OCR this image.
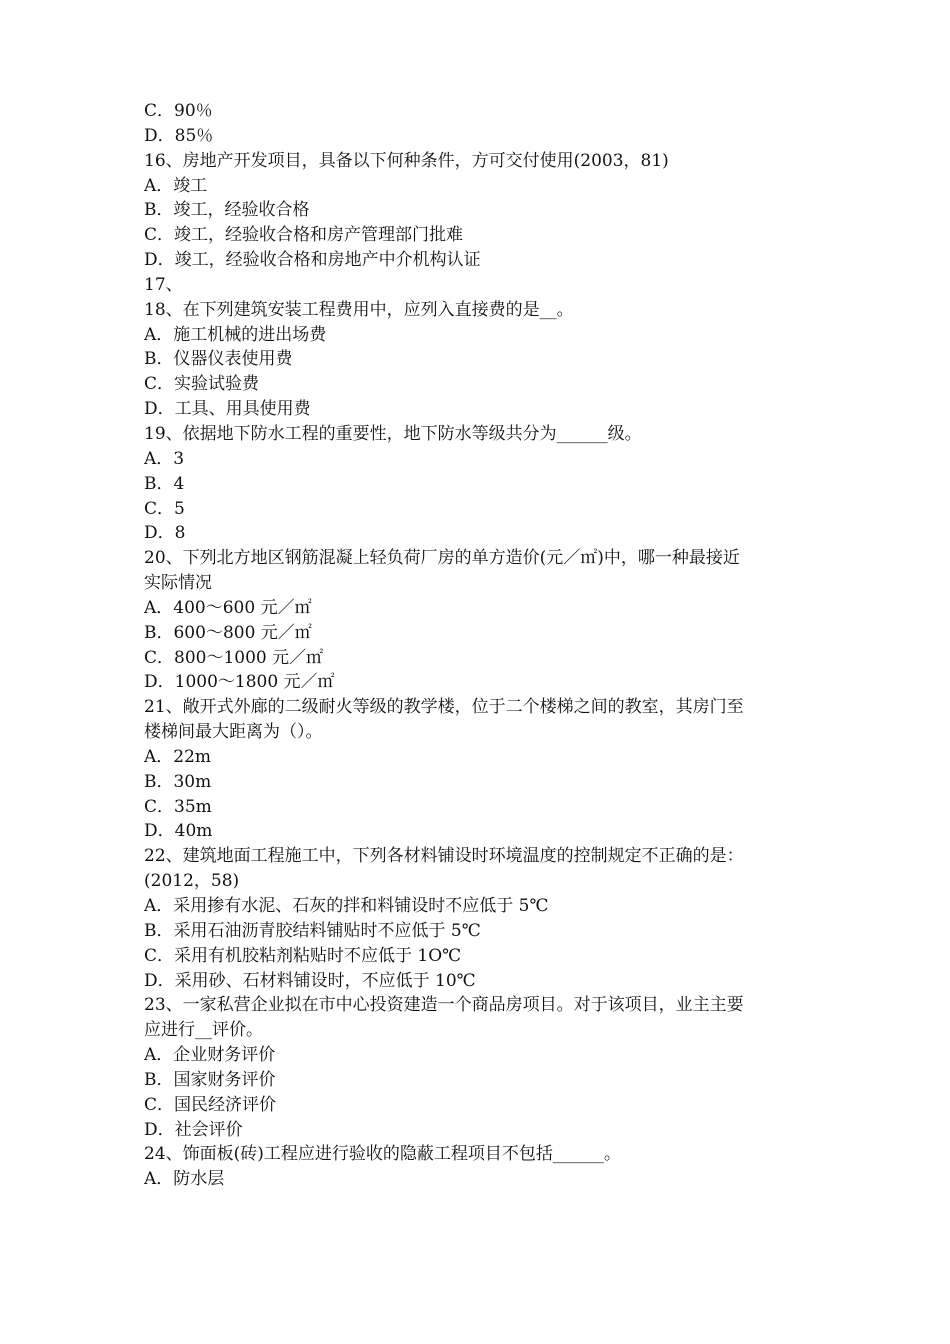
C．90％

D．85％

16、房地产开发项目，具备以下何种条件，方可交付使用(2003，81)

A．竣工

B．竣工，经验收合格

C．竣工，经验收合格和房产管理部门批难

D．竣工，经验收合格和房地产中介机构认证

17、

18、在下列建筑安装工程费用中，应列入直接费的是__。

A．施工机械的进出场费

B．仪器仪表使用费

C．实验试验费

D．工具、用具使用费

19、依据地下防水工程的重要性，地下防水等级共分为______级。

A．3

B．4

C．5

D．8

20、下列北方地区钢筋混凝上轻负荷厂房的单方造价(元／㎡)中，哪一种最接近

实际情况

A．400～600 元／㎡

B．600～800 元／㎡

C．800～1000 元／㎡

D．1000～1800 元／㎡

21、敞开式外廊的二级耐火等级的教学楼，位于二个楼梯之间的教室，其房门至

楼梯间最大距离为（）。

A．22m

B．30m

C．35m

D．40m

22、建筑地面工程施工中，下列各材料铺设时环境温度的控制规定不正确的是：

(2012，58)

A．采用掺有水泥、石灰的拌和料铺设时不应低于 5℃

B．采用石油沥青胶结料铺贴时不应低于 5℃

C．采用有机胶粘剂粘贴时不应低于 1O℃

D．采用砂、石材料铺设时，不应低于 10℃

23、一家私营企业拟在市中心投资建造一个商品房项目。对于该项目，业主主要

应进行__评价。

A．企业财务评价

B．国家财务评价

C．国民经济评价

D．社会评价

24、饰面板(砖)工程应进行验收的隐蔽工程项目不包括______。

A．防水层
